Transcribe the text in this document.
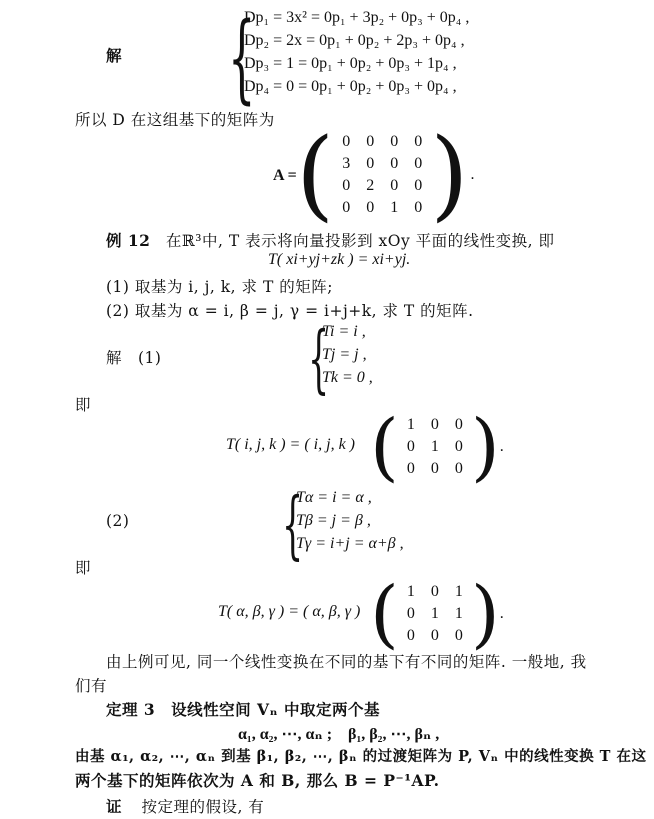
解 {
Dp₁ = 3x² = 0p₁ + 3p₂ + 0p₃ + 0p₄ ,
Dp₂ = 2x = 0p₁ + 0p₂ + 2p₃ + 0p₄ ,
Dp₃ = 1 = 0p₁ + 0p₂ + 0p₃ + 1p₄ ,
Dp₄ = 0 = 0p₁ + 0p₂ + 0p₃ + 0p₄ ,
所以 D 在这组基下的矩阵为
A = ( 0	0	0	0
3	0	0	0
0	2	0	0
0	0	1	0 ) .
例 12 在ℝ³中, T 表示将向量投影到 xOy 平面的线性变换, 即
T( xi+yj+zk ) = xi+yj.
(1) 取基为 i, j, k, 求 T 的矩阵;
(2) 取基为 α = i, β = j, γ = i+j+k, 求 T 的矩阵.
解　(1) {
Ti = i ,
Tj = j ,
Tk = 0 ,
即
T( i, j, k ) = ( i, j, k ) ( 1	0	0
0	1	0
0	0	0 ) .
(2) {
Tα = i = α ,
Tβ = j = β ,
Tγ = i+j = α+β ,
即
T( α, β, γ ) = ( α, β, γ ) ( 1	0	1
0	1	1
0	0	0 ) .
由上例可见, 同一个线性变换在不同的基下有不同的矩阵. 一般地, 我
们有
定理 3 设线性空间 Vₙ 中取定两个基
α₁, α₂, ⋯, αₙ ;　β₁, β₂, ⋯, βₙ ,
由基 α₁, α₂, ⋯, αₙ 到基 β₁, β₂, ⋯, βₙ 的过渡矩阵为 P, Vₙ 中的线性变换 T 在这
两个基下的矩阵依次为 A 和 B, 那么 B = P⁻¹AP.
证 按定理的假设, 有
